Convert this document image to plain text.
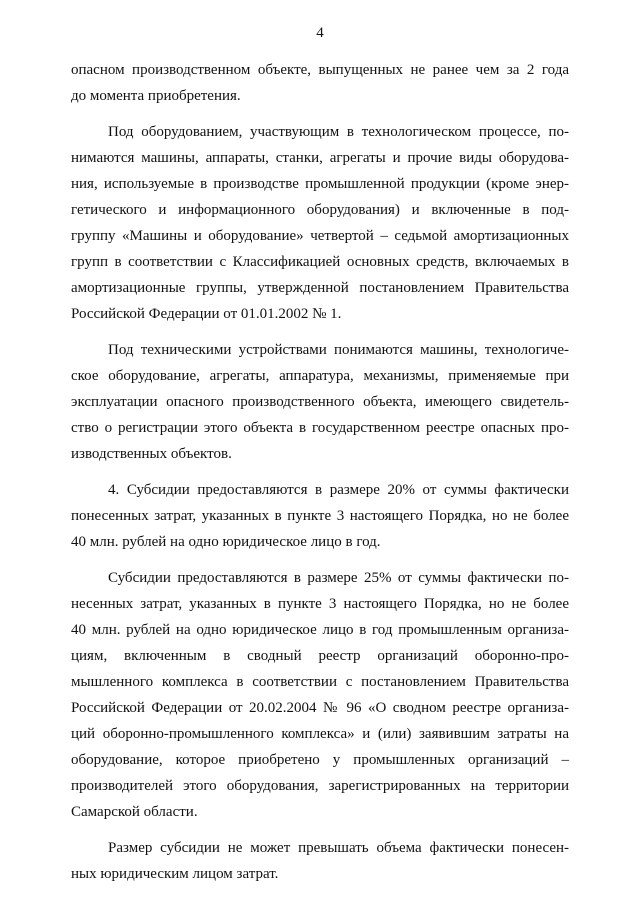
4

опасном производственном объекте, выпущенных не ранее чем за 2 года
до момента приобретения.

Под оборудованием, участвующим в технологическом процессе, по-
нимаются машины, аппараты, станки, агрегаты и прочие виды оборудова-
ния, используемые в производстве промышленной продукции (кроме энер-
гетического и информационного оборудования) и включенные в под-
группу «Машины и оборудование» четвертой – седьмой амортизационных
групп в соответствии с Классификацией основных средств, включаемых в
амортизационные группы, утвержденной постановлением Правительства
Российской Федерации от 01.01.2002 № 1.

Под техническими устройствами понимаются машины, технологиче-
ское оборудование, агрегаты, аппаратура, механизмы, применяемые при
эксплуатации опасного производственного объекта, имеющего свидетель-
ство о регистрации этого объекта в государственном реестре опасных про-
изводственных объектов.

4. Субсидии предоставляются в размере 20% от суммы фактически
понесенных затрат, указанных в пункте 3 настоящего Порядка, но не более
40 млн. рублей на одно юридическое лицо в год.

Субсидии предоставляются в размере 25% от суммы фактически по-
несенных затрат, указанных в пункте 3 настоящего Порядка, но не более
40 млн. рублей на одно юридическое лицо в год промышленным организа-
циям, включенным в сводный реестр организаций оборонно-про-
мышленного комплекса в соответствии с постановлением Правительства
Российской Федерации от 20.02.2004 № 96 «О сводном реестре организа-
ций оборонно-промышленного комплекса» и (или) заявившим затраты на
оборудование, которое приобретено у промышленных организаций –
производителей этого оборудования, зарегистрированных на территории
Самарской области.

Размер субсидии не может превышать объема фактически понесен-
ных юридическим лицом затрат.
